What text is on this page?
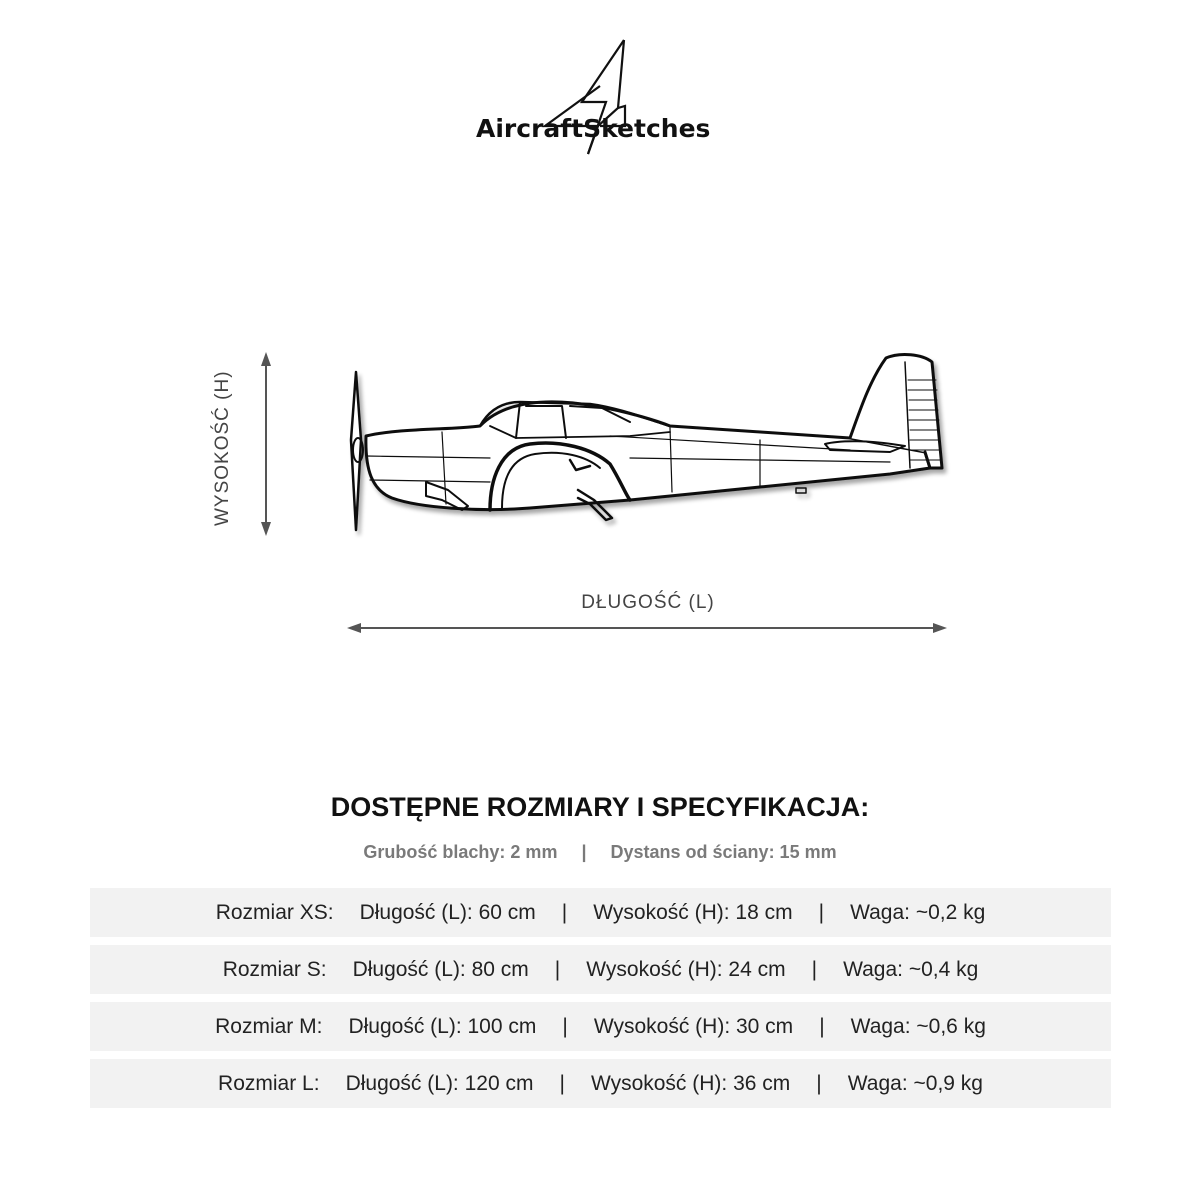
AircraftSketches
WYSOKOŚĆ (H)
DŁUGOŚĆ (L)
DOSTĘPNE ROZMIARY I SPECYFIKACJA:
Grubość blachy: 2 mm | Dystans od ściany: 15 mm
Rozmiar XS: Długość (L): 60 cm | Wysokość (H): 18 cm | Waga: ~0,2 kg
Rozmiar S: Długość (L): 80 cm | Wysokość (H): 24 cm | Waga: ~0,4 kg
Rozmiar M: Długość (L): 100 cm | Wysokość (H): 30 cm | Waga: ~0,6 kg
Rozmiar L: Długość (L): 120 cm | Wysokość (H): 36 cm | Waga: ~0,9 kg
